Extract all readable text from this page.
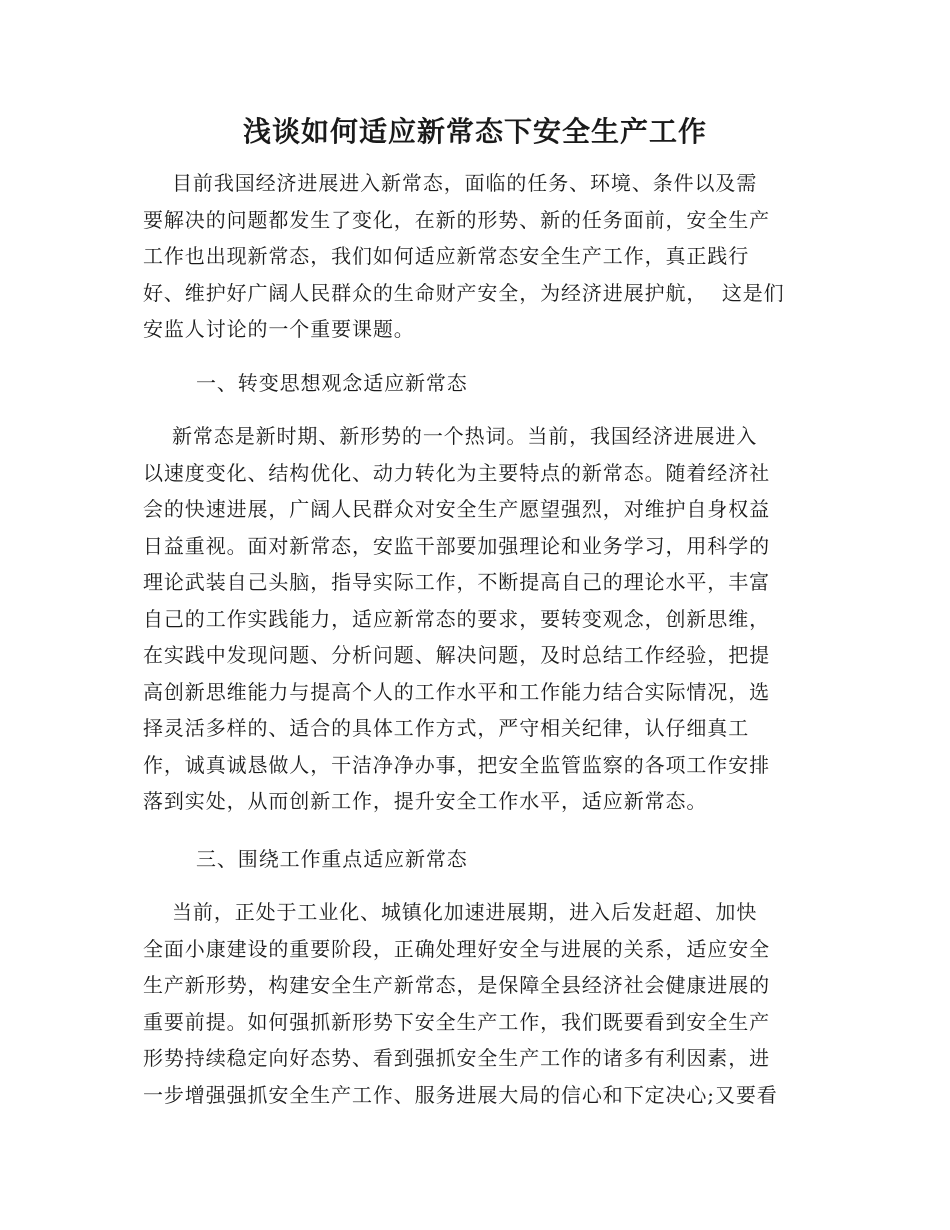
浅谈如何适应新常态下安全生产工作
目前我国经济进展进入新常态，面临的任务、环境、条件以及需
要解决的问题都发生了变化，在新的形势、新的任务面前，安全生产
工作也出现新常态，我们如何适应新常态安全生产工作，真正践行
好、维护好广阔人民群众的生命财产安全，为经济进展护航，  这是们
安监人讨论的一个重要课题。
一、转变思想观念适应新常态
新常态是新时期、新形势的一个热词。当前，我国经济进展进入
以速度变化、结构优化、动力转化为主要特点的新常态。随着经济社
会的快速进展，广阔人民群众对安全生产愿望强烈，对维护自身权益
日益重视。面对新常态，安监干部要加强理论和业务学习，用科学的
理论武装自己头脑，指导实际工作，不断提高自己的理论水平，丰富
自己的工作实践能力，适应新常态的要求，要转变观念，创新思维，
在实践中发现问题、分析问题、解决问题，及时总结工作经验，把提
高创新思维能力与提高个人的工作水平和工作能力结合实际情况，选
择灵活多样的、适合的具体工作方式，严守相关纪律，认仔细真工
作，诚真诚恳做人，干洁净净办事，把安全监管监察的各项工作安排
落到实处，从而创新工作，提升安全工作水平，适应新常态。
三、围绕工作重点适应新常态
当前，正处于工业化、城镇化加速进展期，进入后发赶超、加快
全面小康建设的重要阶段，正确处理好安全与进展的关系，适应安全
生产新形势，构建安全生产新常态，是保障全县经济社会健康进展的
重要前提。如何强抓新形势下安全生产工作，我们既要看到安全生产
形势持续稳定向好态势、看到强抓安全生产工作的诸多有利因素，进
一步增强强抓安全生产工作、服务进展大局的信心和下定决心;又要看
